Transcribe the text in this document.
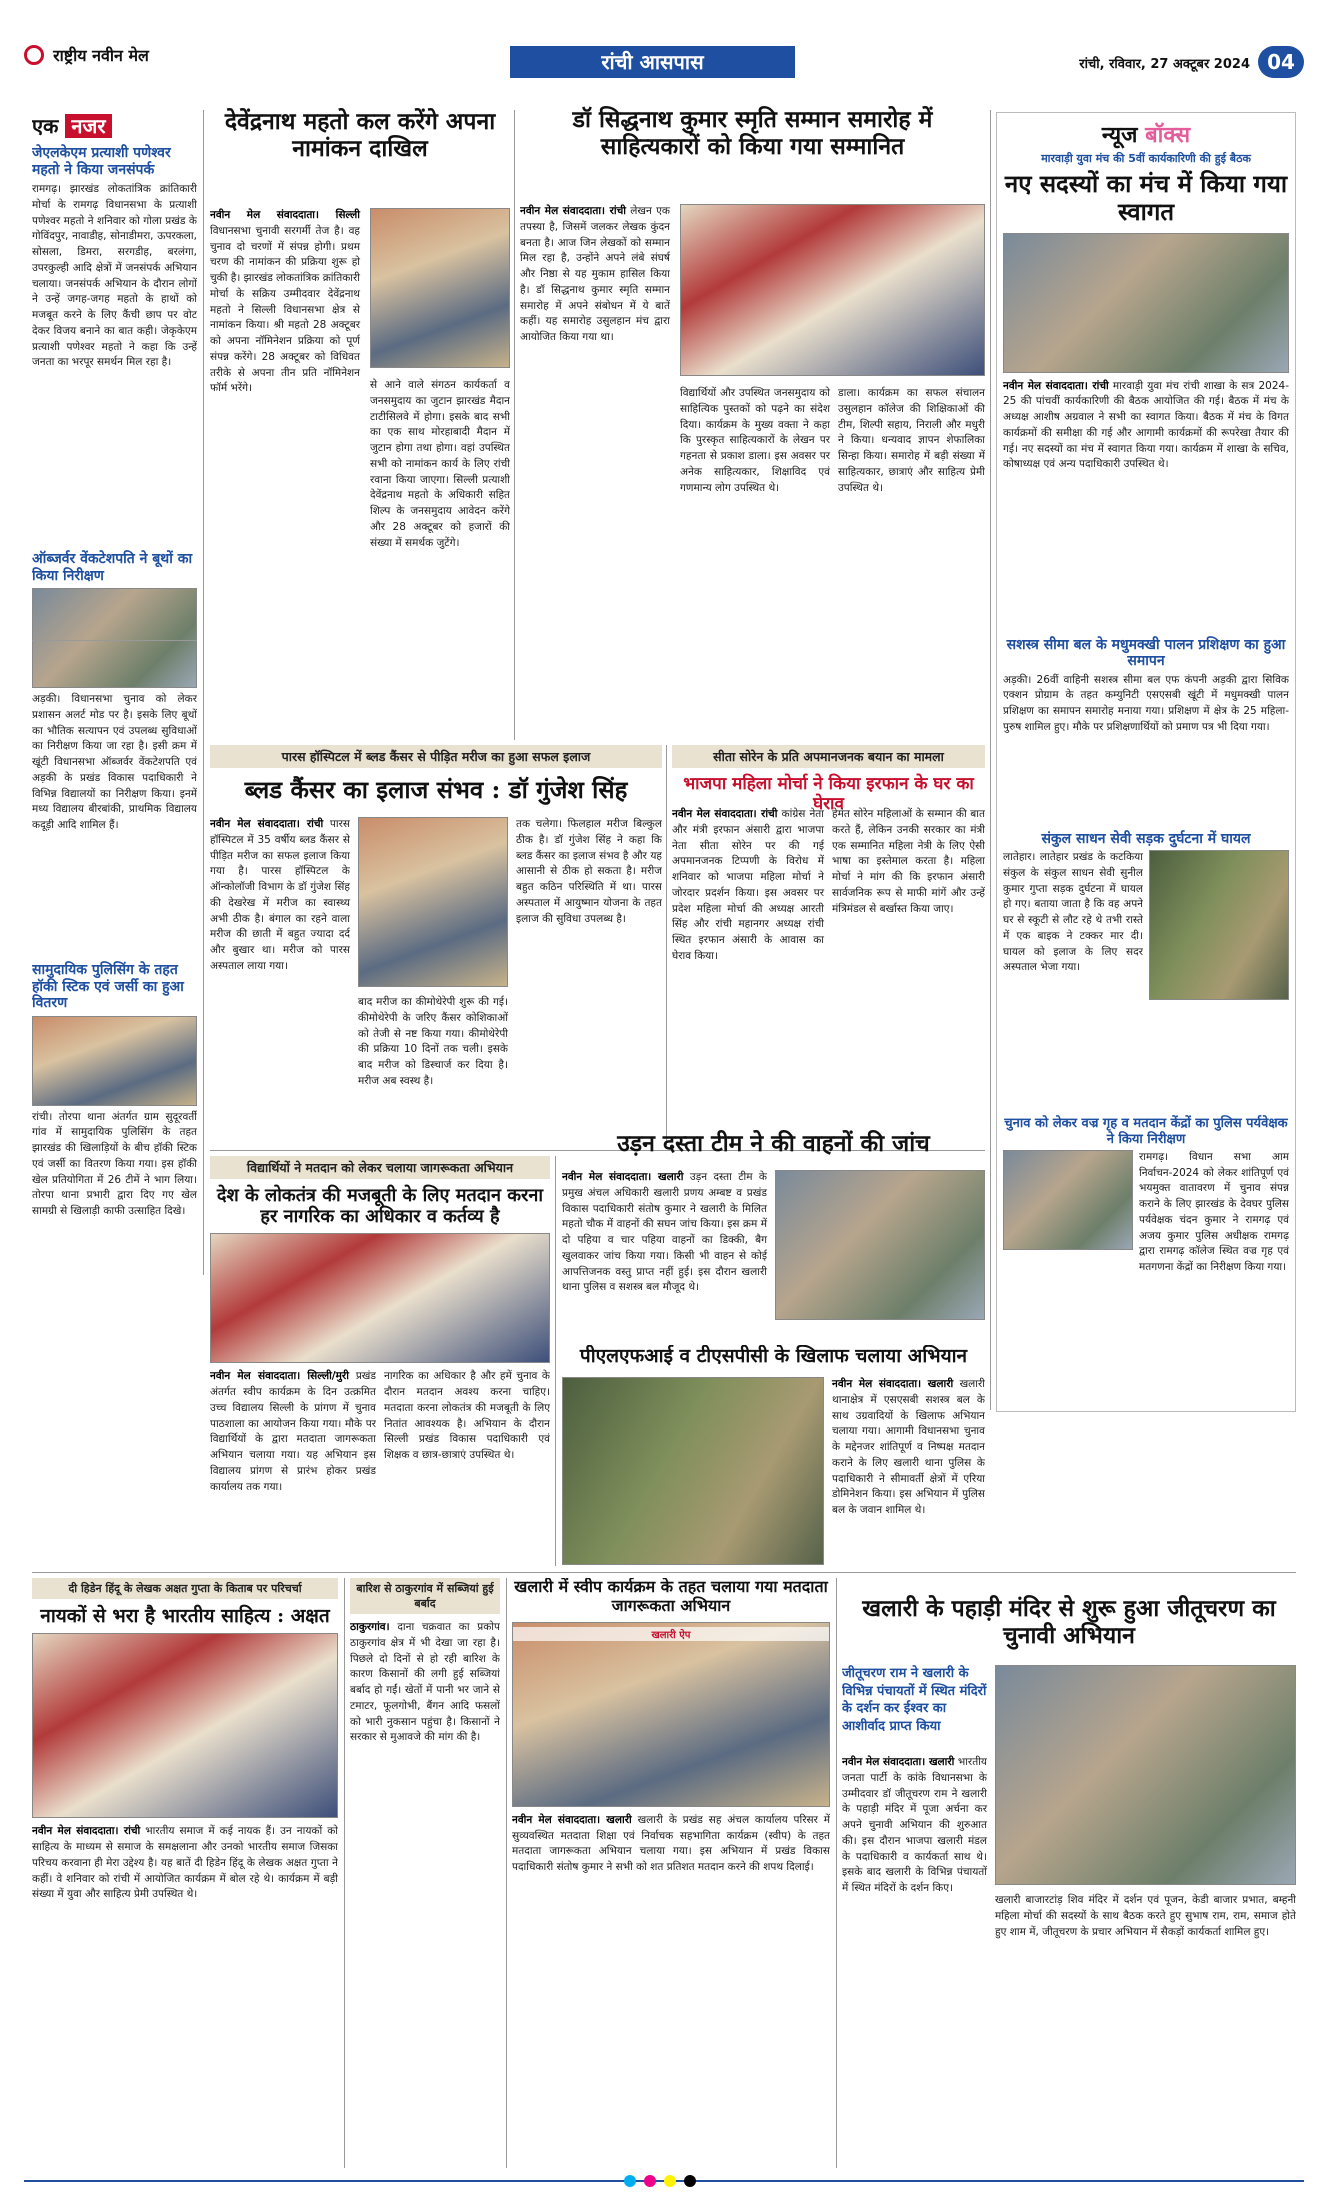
राष्ट्रीय नवीन मेल	रांची आसपास	रांची, रविवार, 27 अक्टूबर 2024 04
एक नजर
जेएलकेएम प्रत्याशी पणेश्वर महतो ने किया जनसंपर्क
रामगढ़। झारखंड लोकतांत्रिक क्रांतिकारी मोर्चा के रामगढ़ विधानसभा के प्रत्याशी पणेश्वर महतो ने शनिवार को गोला प्रखंड के गोविंदपुर, नावाडीह, सोनाडीमरा, ऊपरकला, सोसला, डिमरा, सरगडीह, बरलंगा, उपरकुल्ही आदि क्षेत्रों में जनसंपर्क अभियान चलाया। जनसंपर्क अभियान के दौरान लोगों ने उन्हें जगह-जगह महतो के हाथों को मजबूत करने के लिए कैंची छाप पर वोट देकर विजय बनाने का बात कही। जेकृकेएम प्रत्याशी पणेश्वर महतो ने कहा कि उन्हें जनता का भरपूर समर्थन मिल रहा है।
ऑब्जर्वर वेंकटेशपति ने बूथों का किया निरीक्षण
अड़की। विधानसभा चुनाव को लेकर प्रशासन अलर्ट मोड पर है। इसके लिए बूथों का भौतिक सत्यापन एवं उपलब्ध सुविधाओं का निरीक्षण किया जा रहा है। इसी क्रम में खूंटी विधानसभा ऑब्जर्वर वेंकटेशपति एवं अड़की के प्रखंड विकास पदाधिकारी ने विभिन्न विद्यालयों का निरीक्षण किया। इनमें मध्य विद्यालय बीरबांकी, प्राथमिक विद्यालय कदूड़ी आदि शामिल हैं।
सामुदायिक पुलिसिंग के तहत हॉकी स्टिक एवं जर्सी का हुआ वितरण
रांची। तोरपा थाना अंतर्गत ग्राम सुदूरवर्ती गांव में सामुदायिक पुलिसिंग के तहत झारखंड की खिलाड़ियों के बीच हॉकी स्टिक एवं जर्सी का वितरण किया गया। इस हॉकी खेल प्रतियोगिता में 26 टीमें ने भाग लिया। तोरपा थाना प्रभारी द्वारा दिए गए खेल सामग्री से खिलाड़ी काफी उत्साहित दिखे।
देवेंद्रनाथ महतो कल करेंगे अपना नामांकन दाखिल
नवीन मेल संवाददाता। सिल्ली विधानसभा चुनावी सरगर्मी तेज है। वह चुनाव दो चरणों में संपन्न होगी। प्रथम चरण की नामांकन की प्रक्रिया शुरू हो चुकी है। झारखंड लोकतांत्रिक क्रांतिकारी मोर्चा के सक्रिय उम्मीदवार देवेंद्रनाथ महतो ने सिल्ली विधानसभा क्षेत्र से नामांकन किया। श्री महतो 28 अक्टूबर को अपना नॉमिनेशन प्रक्रिया को पूर्ण संपन्न करेंगे। 28 अक्टूबर को विधिवत तरीके से अपना तीन प्रति नॉमिनेशन फॉर्म भरेंगे।	से आने वाले संगठन कार्यकर्ता व जनसमुदाय का जुटान झारखंड मैदान टाटीसिलवे में होगा। इसके बाद सभी का एक साथ मोरहाबादी मैदान में जुटान होगा तथा होगा। वहां उपस्थित सभी को नामांकन कार्य के लिए रांची रवाना किया जाएगा। सिल्ली प्रत्याशी देवेंद्रनाथ महतो के अधिकारी सहित शिल्प के जनसमुदाय आवेदन करेंगे और 28 अक्टूबर को हजारों की संख्या में समर्थक जुटेंगे।
डॉ सिद्धनाथ कुमार स्मृति सम्मान समारोह में साहित्यकारों को किया गया सम्मानित
नवीन मेल संवाददाता। रांची लेखन एक तपस्या है, जिसमें जलकर लेखक कुंदन बनता है। आज जिन लेखकों को सम्मान मिल रहा है, उन्होंने अपने लंबे संघर्ष और निष्ठा से यह मुकाम हासिल किया है। डॉ सिद्धनाथ कुमार स्मृति सम्मान समारोह में अपने संबोधन में ये बातें कहीं। यह समारोह उसुलहान मंच द्वारा आयोजित किया गया था।
विद्यार्थियों और उपस्थित जनसमुदाय को साहित्यिक पुस्तकों को पढ़ने का संदेश दिया। कार्यक्रम के मुख्य वक्ता ने कहा कि पुरस्कृत साहित्यकारों के लेखन पर गहनता से प्रकाश डाला। इस अवसर पर अनेक साहित्यकार, शिक्षाविद एवं गणमान्य लोग उपस्थित थे।
डाला। कार्यक्रम का सफल संचालन उसुलहान कॉलेज की शिक्षिकाओं की टीम, शिल्पी सहाय, निराली और मधुरी ने किया। धन्यवाद ज्ञापन शेफालिका सिन्हा किया। समारोह में बड़ी संख्या में साहित्यकार, छात्राएं और साहित्य प्रेमी उपस्थित थे।
न्यूज बॉक्स
मारवाड़ी युवा मंच की 5वीं कार्यकारिणी की हुई बैठक
नए सदस्यों का मंच में किया गया स्वागत
नवीन मेल संवाददाता। रांची मारवाड़ी युवा मंच रांची शाखा के सत्र 2024-25 की पांचवीं कार्यकारिणी की बैठक आयोजित की गई। बैठक में मंच के अध्यक्ष आशीष अग्रवाल ने सभी का स्वागत किया। बैठक में मंच के विगत कार्यक्रमों की समीक्षा की गई और आगामी कार्यक्रमों की रूपरेखा तैयार की गई। नए सदस्यों का मंच में स्वागत किया गया। कार्यक्रम में शाखा के सचिव, कोषाध्यक्ष एवं अन्य पदाधिकारी उपस्थित थे।
सशस्त्र सीमा बल के मधुमक्खी पालन प्रशिक्षण का हुआ समापन
अड़की। 26वीं वाहिनी सशस्त्र सीमा बल एफ कंपनी अड़की द्वारा सिविक एक्शन प्रोग्राम के तहत कम्युनिटी एसएसबी खूंटी में मधुमक्खी पालन प्रशिक्षण का समापन समारोह मनाया गया। प्रशिक्षण में क्षेत्र के 25 महिला-पुरुष शामिल हुए। मौके पर प्रशिक्षणार्थियों को प्रमाण पत्र भी दिया गया।
संकुल साधन सेवी सड़क दुर्घटना में घायल
लातेहार। लातेहार प्रखंड के कटकिया संकुल के संकुल साधन सेवी सुनील कुमार गुप्ता सड़क दुर्घटना में घायल हो गए। बताया जाता है कि वह अपने घर से स्कूटी से लौट रहे थे तभी रास्ते में एक बाइक ने टक्कर मार दी। घायल को इलाज के लिए सदर अस्पताल भेजा गया।
चुनाव को लेकर वज्र गृह व मतदान केंद्रों का पुलिस पर्यवेक्षक ने किया निरीक्षण
रामगढ़। विधान सभा आम निर्वाचन-2024 को लेकर शांतिपूर्ण एवं भयमुक्त वातावरण में चुनाव संपन्न कराने के लिए झारखंड के देवघर पुलिस पर्यवेक्षक चंदन कुमार ने रामगढ़ एवं अजय कुमार पुलिस अधीक्षक रामगढ़ द्वारा रामगढ़ कॉलेज स्थित वज्र गृह एवं मतगणना केंद्रों का निरीक्षण किया गया।
पारस हॉस्पिटल में ब्लड कैंसर से पीड़ित मरीज का हुआ सफल इलाज
ब्लड कैंसर का इलाज संभव : डॉ गुंजेश सिंह
नवीन मेल संवाददाता। रांची पारस हॉस्पिटल में 35 वर्षीय ब्लड कैंसर से पीड़ित मरीज का सफल इलाज किया गया है। पारस हॉस्पिटल के ऑन्कोलॉजी विभाग के डॉ गुंजेश सिंह की देखरेख में मरीज का स्वास्थ्य अभी ठीक है। बंगाल का रहने वाला मरीज की छाती में बहुत ज्यादा दर्द और बुखार था। मरीज को पारस अस्पताल लाया गया।
बाद मरीज का कीमोथेरेपी शुरू की गई। कीमोथेरेपी के जरिए कैंसर कोशिकाओं को तेजी से नष्ट किया गया। कीमोथेरेपी की प्रक्रिया 10 दिनों तक चली। इसके बाद मरीज को डिस्चार्ज कर दिया है। मरीज अब स्वस्थ है।
तक चलेगा। फिलहाल मरीज बिल्कुल ठीक है। डॉ गुंजेश सिंह ने कहा कि ब्लड कैंसर का इलाज संभव है और यह आसानी से ठीक हो सकता है। मरीज बहुत कठिन परिस्थिति में था। पारस अस्पताल में आयुष्मान योजना के तहत इलाज की सुविधा उपलब्ध है।
सीता सोरेन के प्रति अपमानजनक बयान का मामला
भाजपा महिला मोर्चा ने किया इरफान के घर का घेराव
नवीन मेल संवाददाता। रांची कांग्रेस नेता और मंत्री इरफान अंसारी द्वारा भाजपा नेता सीता सोरेन पर की गई अपमानजनक टिप्पणी के विरोध में शनिवार को भाजपा महिला मोर्चा ने जोरदार प्रदर्शन किया। इस अवसर पर प्रदेश महिला मोर्चा की अध्यक्ष आरती सिंह और रांची महानगर अध्यक्ष रांची स्थित इरफान अंसारी के आवास का घेराव किया।
हेमंत सोरेन महिलाओं के सम्मान की बात करते हैं, लेकिन उनकी सरकार का मंत्री एक सम्मानित महिला नेत्री के लिए ऐसी भाषा का इस्तेमाल करता है। महिला मोर्चा ने मांग की कि इरफान अंसारी सार्वजनिक रूप से माफी मांगें और उन्हें मंत्रिमंडल से बर्खास्त किया जाए।
विद्यार्थियों ने मतदान को लेकर चलाया जागरूकता अभियान
देश के लोकतंत्र की मजबूती के लिए मतदान करना हर नागरिक का अधिकार व कर्तव्य है
नवीन मेल संवाददाता। सिल्ली/मुरी प्रखंड अंतर्गत स्वीप कार्यक्रम के दिन उत्क्रमित उच्च विद्यालय सिल्ली के प्रांगण में चुनाव पाठशाला का आयोजन किया गया। मौके पर विद्यार्थियों के द्वारा मतदाता जागरूकता अभियान चलाया गया। यह अभियान इस विद्यालय प्रांगण से प्रारंभ होकर प्रखंड कार्यालय तक गया।
नागरिक का अधिकार है और हमें चुनाव के दौरान मतदान अवश्य करना चाहिए। मतदाता करना लोकतंत्र की मजबूती के लिए नितांत आवश्यक है। अभियान के दौरान सिल्ली प्रखंड विकास पदाधिकारी एवं शिक्षक व छात्र-छात्राएं उपस्थित थे।
उड़न दस्ता टीम ने की वाहनों की जांच
नवीन मेल संवाददाता। खलारी उड़न दस्ता टीम के प्रमुख अंचल अधिकारी खलारी प्रणय अम्बष्ट व प्रखंड विकास पदाधिकारी संतोष कुमार ने खलारी के मिलित महतो चौक में वाहनों की सघन जांच किया। इस क्रम में दो पहिया व चार पहिया वाहनों का डिक्की, बैग खुलवाकर जांच किया गया। किसी भी वाहन से कोई आपत्तिजनक वस्तु प्राप्त नहीं हुई। इस दौरान खलारी थाना पुलिस व सशस्त्र बल मौजूद थे।
पीएलएफआई व टीएसपीसी के खिलाफ चलाया अभियान
नवीन मेल संवाददाता। खलारी खलारी थानाक्षेत्र में एसएसबी सशस्त्र बल के साथ उग्रवादियों के खिलाफ अभियान चलाया गया। आगामी विधानसभा चुनाव के मद्देनजर शांतिपूर्ण व निष्पक्ष मतदान कराने के लिए खलारी थाना पुलिस के पदाधिकारी ने सीमावर्ती क्षेत्रों में एरिया डोमिनेशन किया। इस अभियान में पुलिस बल के जवान शामिल थे।
दी हिडेन हिंदू के लेखक अक्षत गुप्ता के किताब पर परिचर्चा
नायकों से भरा है भारतीय साहित्य : अक्षत
नवीन मेल संवाददाता। रांची भारतीय समाज में कई नायक हैं। उन नायकों को साहित्य के माध्यम से समाज के समक्षलाना और उनको भारतीय समाज जिसका परिचय करवाना ही मेरा उद्देश्य है। यह बातें दी हिडेन हिंदू के लेखक अक्षत गुप्ता ने कहीं। वे शनिवार को रांची में आयोजित कार्यक्रम में बोल रहे थे। कार्यक्रम में बड़ी संख्या में युवा और साहित्य प्रेमी उपस्थित थे।
बारिश से ठाकुरगांव में सब्जियां हुई बर्बाद
ठाकुरगांव। दाना चक्रवात का प्रकोप ठाकुरगांव क्षेत्र में भी देखा जा रहा है। पिछले दो दिनों से हो रही बारिश के कारण किसानों की लगी हुई सब्जियां बर्बाद हो गईं। खेतों में पानी भर जाने से टमाटर, फूलगोभी, बैंगन आदि फसलों को भारी नुकसान पहुंचा है। किसानों ने सरकार से मुआवजे की मांग की है।
खलारी में स्वीप कार्यक्रम के तहत चलाया गया मतदाता जागरूकता अभियान
खलारी ऐप
नवीन मेल संवाददाता। खलारी खलारी के प्रखंड सह अंचल कार्यालय परिसर में सुव्यवस्थित मतदाता शिक्षा एवं निर्वाचक सहभागिता कार्यक्रम (स्वीप) के तहत मतदाता जागरूकता अभियान चलाया गया। इस अभियान में प्रखंड विकास पदाधिकारी संतोष कुमार ने सभी को शत प्रतिशत मतदान करने की शपथ दिलाई।
खलारी के पहाड़ी मंदिर से शुरू हुआ जीतूचरण का चुनावी अभियान
जीतूचरण राम ने खलारी के विभिन्न पंचायतों में स्थित मंदिरों के दर्शन कर ईश्वर का आशीर्वाद प्राप्त किया
नवीन मेल संवाददाता। खलारी भारतीय जनता पार्टी के कांके विधानसभा के उम्मीदवार डॉ जीतूचरण राम ने खलारी के पहाड़ी मंदिर में पूजा अर्चना कर अपने चुनावी अभियान की शुरुआत की। इस दौरान भाजपा खलारी मंडल के पदाधिकारी व कार्यकर्ता साथ थे। इसके बाद खलारी के विभिन्न पंचायतों में स्थित मंदिरों के दर्शन किए।
खलारी बाजारटांड़ शिव मंदिर में दर्शन एवं पूजन, केडी बाजार प्रभात, बम्हनी महिला मोर्चा की सदस्यों के साथ बैठक करते हुए सुभाष राम, राम, समाज होते हुए शाम में, जीतूचरण के प्रचार अभियान में सैकड़ों कार्यकर्ता शामिल हुए।
